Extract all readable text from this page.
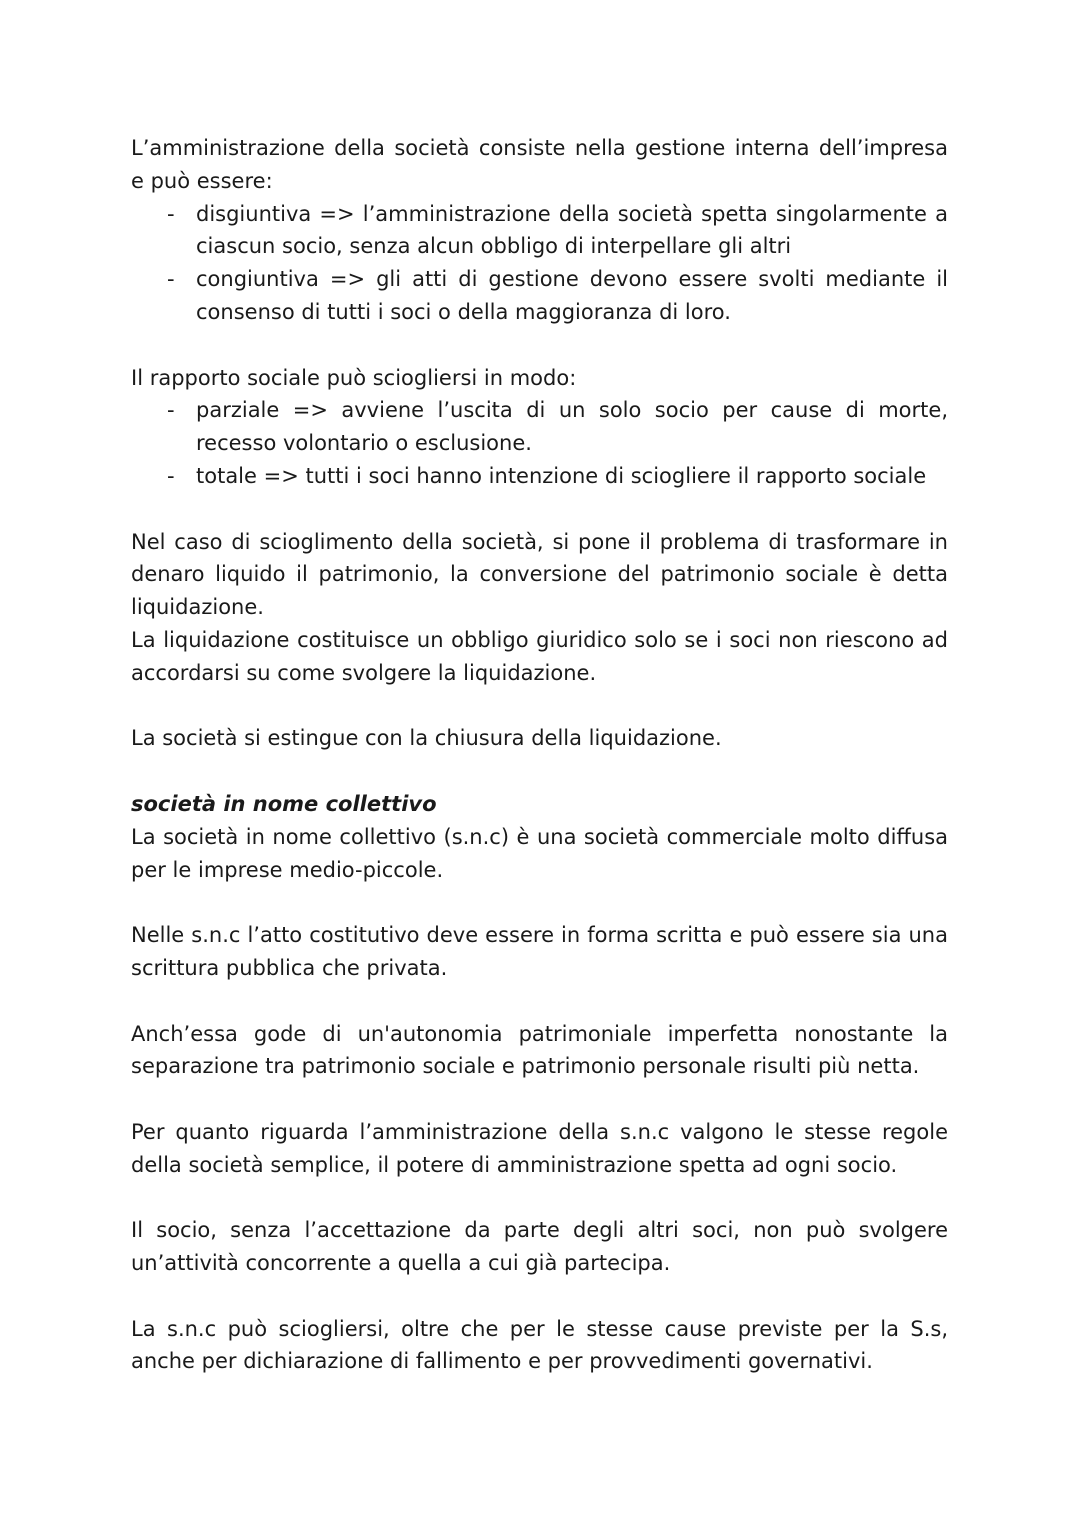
L’amministrazione della società consiste nella gestione interna dell’impresa e può essere:

- disgiuntiva => l’amministrazione della società spetta singolarmente a ciascun socio, senza alcun obbligo di interpellare gli altri
- congiuntiva => gli atti di gestione devono essere svolti mediante il consenso di tutti i soci o della maggioranza di loro.

Il rapporto sociale può sciogliersi in modo:

- parziale => avviene l’uscita di un solo socio per cause di morte, recesso volontario o esclusione.
- totale => tutti i soci hanno intenzione di sciogliere il rapporto sociale

Nel caso di scioglimento della società, si pone il problema di trasformare in denaro liquido il patrimonio, la conversione del patrimonio sociale è detta liquidazione.

La liquidazione costituisce un obbligo giuridico solo se i soci non riescono ad accordarsi su come svolgere la liquidazione.

La società si estingue con la chiusura della liquidazione.

società in nome collettivo

La società in nome collettivo (s.n.c) è una società commerciale molto diffusa per le imprese medio-piccole.

Nelle s.n.c l’atto costitutivo deve essere in forma scritta e può essere sia una scrittura pubblica che privata.

Anch’essa gode di un'autonomia patrimoniale imperfetta nonostante la separazione tra patrimonio sociale e patrimonio personale risulti più netta.

Per quanto riguarda l’amministrazione della s.n.c valgono le stesse regole della società semplice, il potere di amministrazione spetta ad ogni socio.

Il socio, senza l’accettazione da parte degli altri soci, non può svolgere un’attività concorrente a quella a cui già partecipa.

La s.n.c può sciogliersi, oltre che per le stesse cause previste per la S.s, anche per dichiarazione di fallimento e per provvedimenti governativi.
